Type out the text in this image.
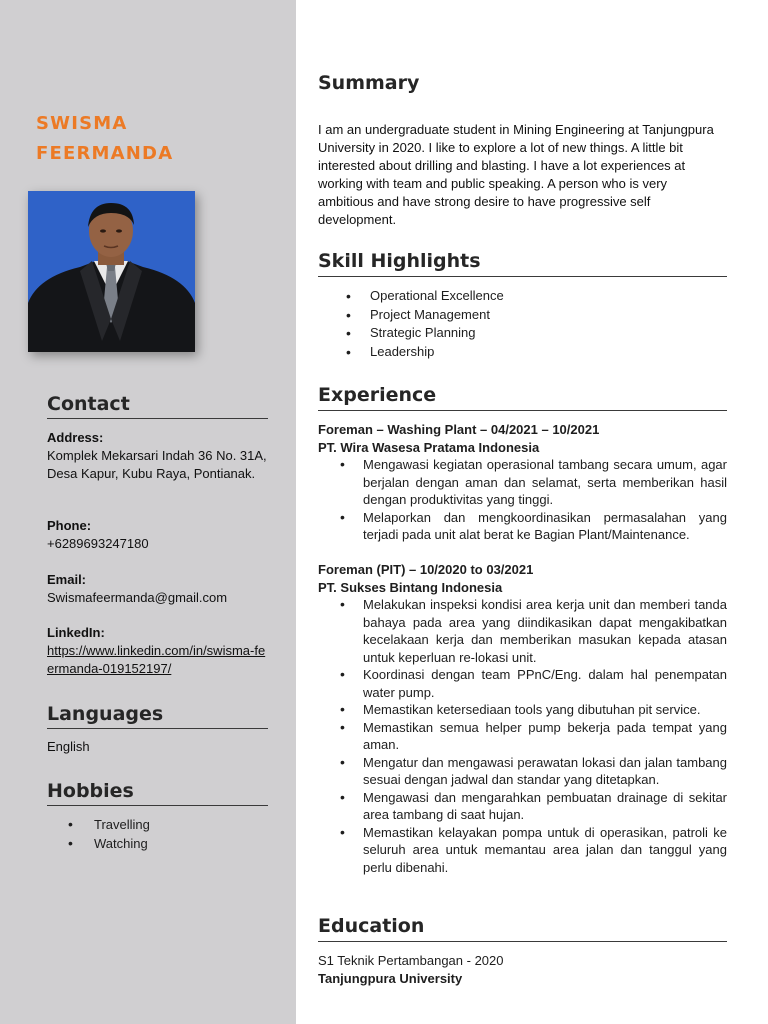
SWISMA
FEERMANDA
Contact
Address:
Komplek Mekarsari Indah 36 No. 31A, Desa Kapur, Kubu Raya, Pontianak.
Phone:
+6289693247180
Email:
Swismafeermanda@gmail.com
LinkedIn:
https://www.linkedin.com/in/swisma-feermanda-019152197/
Languages
English
Hobbies
• Travelling
• Watching
Summary

I am an undergraduate student in Mining Engineering at Tanjungpura University in 2020. I like to explore a lot of new things. A little bit interested about drilling and blasting. I have a lot experiences at working with team and public speaking. A person who is very ambitious and have strong desire to have progressive self development.

Skill Highlights
• Operational Excellence
• Project Management
• Strategic Planning
• Leadership
Experience
Foreman – Washing Plant – 04/2021 – 10/2021
PT. Wira Wasesa Pratama Indonesia
• Mengawasi kegiatan operasional tambang secara umum, agar berjalan dengan aman dan selamat, serta memberikan hasil dengan produktivitas yang tinggi.
• Melaporkan dan mengkoordinasikan permasalahan yang terjadi pada unit alat berat ke Bagian Plant/Maintenance.
Foreman (PIT) – 10/2020 to 03/2021
PT. Sukses Bintang Indonesia
• Melakukan inspeksi kondisi area kerja unit dan memberi tanda bahaya pada area yang diindikasikan dapat mengakibatkan kecelakaan kerja dan memberikan masukan kepada atasan untuk keperluan re-lokasi unit.
• Koordinasi dengan team PPnC/Eng. dalam hal penempatan water pump.
• Memastikan ketersediaan tools yang dibutuhan pit service.
• Memastikan semua helper pump bekerja pada tempat yang aman.
• Mengatur dan mengawasi perawatan lokasi dan jalan tambang sesuai dengan jadwal dan standar yang ditetapkan.
• Mengawasi dan mengarahkan pembuatan drainage di sekitar area tambang di saat hujan.
• Memastikan kelayakan pompa untuk di operasikan, patroli ke seluruh area untuk memantau area jalan dan tanggul yang perlu dibenahi.
Education
S1 Teknik Pertambangan - 2020
Tanjungpura University
